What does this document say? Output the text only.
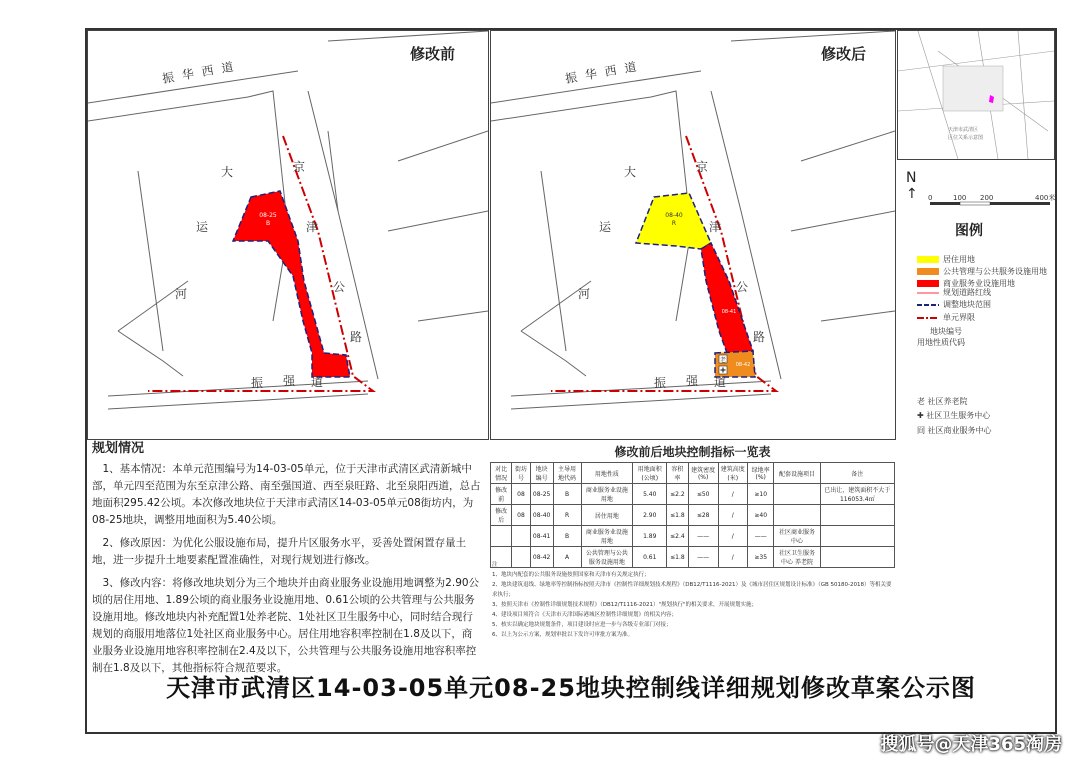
08-25
B
振华西道
大
运
河
京
津
公
路
振 强 道
修改前
08-40
R
08-41
08-42
老
振华西道
大
运
河
京
津
公
路
振 强 道
修改后
天津市武清区
区位关系示意图
N
↑ 0	100 200	400米
图例
居住用地
公共管理与公共服务设施用地
商业服务业设施用地
规划道路红线
调整地块范围
单元界限
地块编号
用地性质代码
老 社区养老院
✚ 社区卫生服务中心
冏 社区商业服务中心
规划情况

1、基本情况：本单元范围编号为14-03-05单元，位于天津市武清区武清新城中部，单元四至范围为东至京津公路、南至强国道、西至泉旺路、北至泉阳西道，总占地面积295.42公顷。本次修改地块位于天津市武清区14-03-05单元08街坊内，为08-25地块，调整用地面积为5.40公顷。

2、修改原因：为优化公服设施布局，提升片区服务水平，妥善处置闲置存量土地，进一步提升土地要素配置准确性，对现行规划进行修改。

3、修改内容：将修改地块划分为三个地块并由商业服务业设施用地调整为2.90公顷的居住用地、1.89公顷的商业服务业设施用地、0.61公顷的公共管理与公共服务设施用地。修改地块内补充配置1处养老院、1处社区卫生服务中心，同时结合现行规划的商服用地落位1处社区商业服务中心。居住用地容积率控制在1.8及以下，商业服务业设施用地容积率控制在2.4及以下，公共管理与公共服务设施用地容积率控制在1.8及以下，其他指标符合规范要求。

修改前后地块控制指标一览表
对比情况	街坊号	地块编号	主导用地代码	用地性质	用地面积(公顷)	容积率	建筑密度(%)	建筑高度(米)	绿地率(%)	配套设施项目	备注
修改前	08	08-25	B	商业服务业设施用地	5.40	≤2.2	≤50	/	≥10		已出让，建筑面积不大于116053.4㎡
修改后	08	08-40	R	居住用地	2.90	≤1.8	≤28	/	≥40		
		08-41	B	商业服务业设施用地	1.89	≤2.4	——	/	——	社区商业服务中心	
		08-42	A	公共管理与公共服务设施用地	0.61	≤1.8	——	/	≥35	社区卫生服务中心 养老院	
注
1、地块内配套的公共服务设施按照国家和天津市有关规定执行；
2、地块建筑退线、绿地率等控制指标按照天津市《控制性详细规划技术规程》（DB12/T1116-2021）及《城市居住区规划设计标准》（GB 50180-2018）等相关要求执行；
3、按照天津市《控制性详细规划技术规程》（DB12/T1116-2021）"规划执行"的相关要求，开展规划实施；
4、建设项目须符合《天津市天津国际港城区控制性详细规划》的相关内容；
5、核实以确定地块规划条件，项目建设时应进一步与各级专业部门对接；
6、以上为公示方案，规划审批以下发许可审批方案为准。
天津市武清区14-03-05单元08-25地块控制线详细规划修改草案公示图
搜狐号@天津365淘房
